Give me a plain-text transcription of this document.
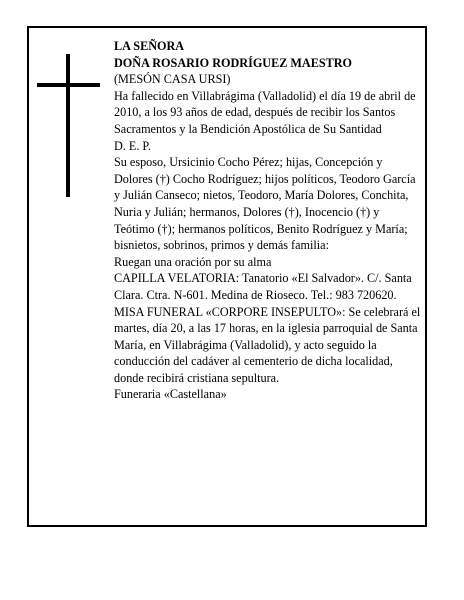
LA SEÑORA

DOÑA ROSARIO RODRÍGUEZ MAESTRO

(MESÓN CASA URSI)

Ha fallecido en Villabrágima (Valladolid) el día 19 de abril de 2010, a los 93 años de edad, después de recibir los Santos Sacramentos y la Bendición Apostólica de Su Santidad

D. E. P.

Su esposo, Ursicinio Cocho Pérez; hijas, Concepción y Dolores (†) Cocho Rodríguez; hijos políticos, Teodoro García y Julián Canseco; nietos, Teodoro, María Dolores, Conchita, Nuria y Julián; hermanos, Dolores (†), Inocencio (†) y Teótimo (†); hermanos políticos, Benito Rodríguez y María; bisnietos, sobrinos, primos y demás familia:

Ruegan una oración por su alma

CAPILLA VELATORIA: Tanatorio «El Salvador». C/. Santa Clara. Ctra. N-601. Medina de Rioseco. Tel.: 983 720620.

MISA FUNERAL «CORPORE INSEPULTO»: Se celebrará el martes, día 20, a las 17 horas, en la iglesia parroquial de Santa María, en Villabrágima (Valladolid), y acto seguido la conducción del cadáver al cementerio de dicha localidad, donde recibirá cristiana sepultura.

Funeraria «Castellana»
